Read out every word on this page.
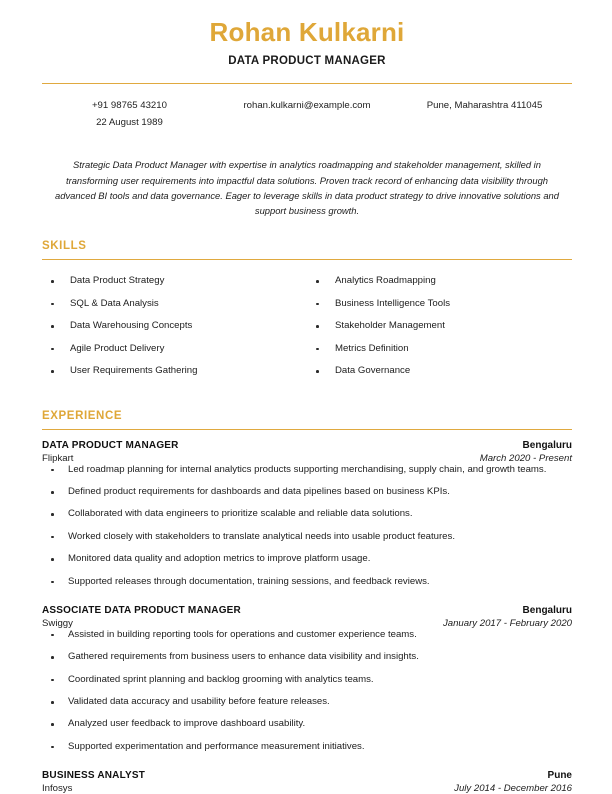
Rohan Kulkarni
DATA PRODUCT MANAGER
+91 98765 43210
22 August 1989
rohan.kulkarni@example.com	Pune, Maharashtra 411045
Strategic Data Product Manager with expertise in analytics roadmapping and stakeholder management, skilled in transforming user requirements into impactful data solutions. Proven track record of enhancing data visibility through advanced BI tools and data governance. Eager to leverage skills in data product strategy to drive innovative solutions and support business growth.
SKILLS
Data Product Strategy
SQL & Data Analysis
Data Warehousing Concepts
Agile Product Delivery
User Requirements Gathering
Analytics Roadmapping
Business Intelligence Tools
Stakeholder Management
Metrics Definition
Data Governance
EXPERIENCE
DATA PRODUCT MANAGER	Bengaluru
Flipkart	March 2020 - Present
Led roadmap planning for internal analytics products supporting merchandising, supply chain, and growth teams.
Defined product requirements for dashboards and data pipelines based on business KPIs.
Collaborated with data engineers to prioritize scalable and reliable data solutions.
Worked closely with stakeholders to translate analytical needs into usable product features.
Monitored data quality and adoption metrics to improve platform usage.
Supported releases through documentation, training sessions, and feedback reviews.
ASSOCIATE DATA PRODUCT MANAGER	Bengaluru
Swiggy	January 2017 - February 2020
Assisted in building reporting tools for operations and customer experience teams.
Gathered requirements from business users to enhance data visibility and insights.
Coordinated sprint planning and backlog grooming with analytics teams.
Validated data accuracy and usability before feature releases.
Analyzed user feedback to improve dashboard usability.
Supported experimentation and performance measurement initiatives.
BUSINESS ANALYST	Pune
Infosys	July 2014 - December 2016
